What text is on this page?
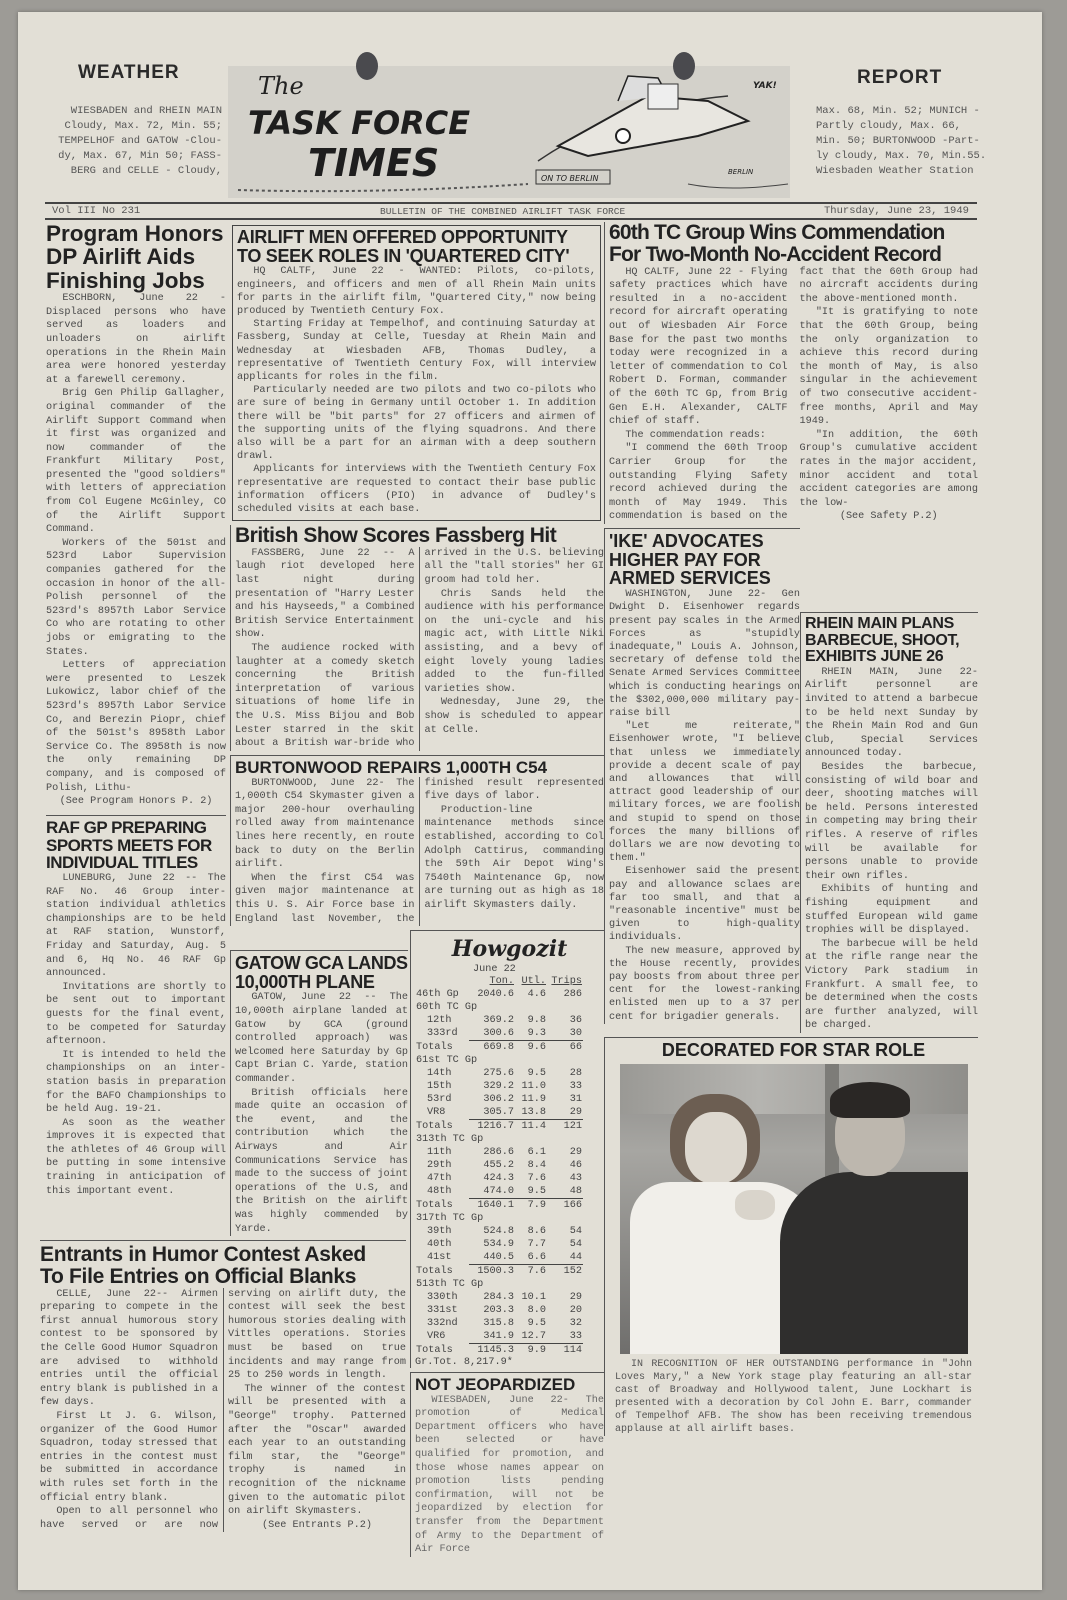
WEATHER	REPORT
WIESBADEN and RHEIN MAIN
Cloudy, Max. 72, Min. 55;
TEMPELHOF and GATOW -Clou-
dy, Max. 67, Min 50; FASS-
BERG and CELLE - Cloudy,
Max. 68, Min. 52; MUNICH -
Partly cloudy, Max. 66,
Min. 50; BURTONWOOD -Part-
ly cloudy, Max. 70, Min.55.
Wiesbaden Weather Station
ON TO BERLIN
YAK!
BERLIN
The
TASK FORCE
TIMES
Vol III No 231	BULLETIN OF THE COMBINED AIRLIFT TASK FORCE	Thursday, June 23, 1949
Program Honors
DP Airlift Aids
Finishing Jobs

ESCHBORN, June 22 - Displaced persons who have served as loaders and unloaders on airlift operations in the Rhein Main area were honored yesterday at a farewell ceremony.

Brig Gen Philip Gallagher, original commander of the Airlift Support Command when it first was organized and now commander of the Frankfurt Military Post, presented the "good soldiers" with letters of appreciation from Col Eugene McGinley, CO of the Airlift Support Command.

Workers of the 501st and 523rd Labor Supervision companies gathered for the occasion in honor of the all-Polish personnel of the 523rd's 8957th Labor Service Co who are rotating to other jobs or emigrating to the States.

Letters of appreciation were presented to Leszek Lukowicz, labor chief of the 523rd's 8957th Labor Service Co, and Berezin Piopr, chief of the 501st's 8958th Labor Service Co. The 8958th is now the only remaining DP company, and is composed of Polish, Lithu-

(See Program Honors P. 2)

RAF GP PREPARING
SPORTS MEETS FOR
INDIVIDUAL TITLES

LUNEBURG, June 22 -- The RAF No. 46 Group inter-station individual athletics championships are to be held at RAF station, Wunstorf, Friday and Saturday, Aug. 5 and 6, Hq No. 46 RAF Gp announced.

Invitations are shortly to be sent out to important guests for the final event, to be competed for Saturday afternoon.

It is intended to held the championships on an inter-station basis in preparation for the BAFO Championships to be held Aug. 19-21.

As soon as the weather improves it is expected that the athletes of 46 Group will be putting in some intensive training in anticipation of this important event.

Entrants in Humor Contest Asked
To File Entries on Official Blanks

CELLE, June 22-- Airmen preparing to compete in the first annual humorous story contest to be sponsored by the Celle Good Humor Squadron are advised to withhold entries until the official entry blank is published in a few days.

First Lt J. G. Wilson, organizer of the Good Humor Squadron, today stressed that entries in the contest must be submitted in accordance with rules set forth in the official entry blank.

Open to all personnel who have served or are now serving on airlift duty, the contest will seek the best humorous stories dealing with Vittles operations. Stories must be based on true incidents and may range from 25 to 250 words in length.

The winner of the contest will be presented with a "George" trophy. Patterned after the "Oscar" awarded each year to an outstanding film star, the "George" trophy is named in recognition of the nickname given to the automatic pilot on airlift Skymasters.

(See Entrants P.2)

AIRLIFT MEN OFFERED OPPORTUNITY
TO SEEK ROLES IN 'QUARTERED CITY'

HQ CALTF, June 22 - WANTED: Pilots, co-pilots, engineers, and officers and men of all Rhein Main units for parts in the airlift film, "Quartered City," now being produced by Twentieth Century Fox.

Starting Friday at Tempelhof, and continuing Saturday at Fassberg, Sunday at Celle, Tuesday at Rhein Main and Wednesday at Wiesbaden AFB, Thomas Dudley, a representative of Twentieth Century Fox, will interview applicants for roles in the film.

Particularly needed are two pilots and two co-pilots who are sure of being in Germany until October 1. In addition there will be "bit parts" for 27 officers and airmen of the supporting units of the flying squadrons. And there also will be a part for an airman with a deep southern drawl.

Applicants for interviews with the Twentieth Century Fox representative are requested to contact their base public information officers (PIO) in advance of Dudley's scheduled visits at each base.

British Show Scores Fassberg Hit

FASSBERG, June 22 -- A laugh riot developed here last night during presentation of "Harry Lester and his Hayseeds," a Combined British Service Entertainment show.

The audience rocked with laughter at a comedy sketch concerning the British interpretation of various situations of home life in the U.S. Miss Bijou and Bob Lester starred in the skit about a British war-bride who arrived in the U.S. believing all the "tall stories" her GI groom had told her.

Chris Sands held the audience with his performance on the uni-cycle and his magic act, with Little Niki assisting, and a bevy of eight lovely young ladies added to the fun-filled varieties show.

Wednesday, June 29, the show is scheduled to appear at Celle.

BURTONWOOD REPAIRS 1,000TH C54

BURTONWOOD, June 22- The 1,000th C54 Skymaster given a major 200-hour overhauling rolled away from maintenance lines here recently, en route back to duty on the Berlin airlift.

When the first C54 was given major maintenance at this U. S. Air Force base in England last November, the finished result represented five days of labor.

Production-line maintenance methods since established, according to Col Adolph Cattirus, commanding the 59th Air Depot Wing's 7540th Maintenance Gp, now are turning out as high as 18 airlift Skymasters daily.

GATOW GCA LANDS
10,000TH PLANE

GATOW, June 22 -- The 10,000th airplane landed at Gatow by GCA (ground controlled approach) was welcomed here Saturday by Gp Capt Brian C. Yarde, station commander.

British officials here made quite an occasion of the event, and the contribution which the Airways and Air Communications Service has made to the success of joint operations of the U.S, and the British on the airlift was highly commended by Yarde.

Howgozit
June 22
	Ton.	Utl.	Trips
46th Gp	2040.6	4.6	286
60th TC Gp			
12th	369.2	9.8	36
333rd	300.6	9.3	30
Totals	669.8	9.6	66
61st TC Gp			
14th	275.6	9.5	28
15th	329.2	11.0	33
53rd	306.2	11.9	31
VR8	305.7	13.8	29
Totals	1216.7	11.4	121
313th TC Gp			
11th	286.6	6.1	29
29th	455.2	8.4	46
47th	424.3	7.6	43
48th	474.0	9.5	48
Totals	1640.1	7.9	166
317th TC Gp			
39th	524.8	8.6	54
40th	534.9	7.7	54
41st	440.5	6.6	44
Totals	1500.3	7.6	152
513th TC Gp			
330th	284.3	10.1	29
331st	203.3	8.0	20
332nd	315.8	9.5	32
VR6	341.9	12.7	33
Totals	1145.3	9.9	114
Gr.Tot. 8,217.9*
NOT JEOPARDIZED

WIESBADEN, June 22- The promotion of Medical Department officers who have been selected or have qualified for promotion, and those whose names appear on promotion lists pending confirmation, will not be jeopardized by election for transfer from the Department of Army to the Department of Air Force

60th TC Group Wins Commendation
For Two-Month No-Accident Record

HQ CALTF, June 22 - Flying safety practices which have resulted in a no-accident record for aircraft operating out of Wiesbaden Air Force Base for the past two months today were recognized in a letter of commendation to Col Robert D. Forman, commander of the 60th TC Gp, from Brig Gen E.H. Alexander, CALTF chief of staff.

The commendation reads:

"I commend the 60th Troop Carrier Group for the outstanding Flying Safety record achieved during the month of May 1949. This commendation is based on the fact that the 60th Group had no aircraft accidents during the above-mentioned month.

"It is gratifying to note that the 60th Group, being the only organization to achieve this record during the month of May, is also singular in the achievement of two consecutive accident-free months, April and May 1949.

"In addition, the 60th Group's cumulative accident rates in the major accident, minor accident and total accident categories are among the low-

(See Safety P.2)

'IKE' ADVOCATES
HIGHER PAY FOR
ARMED SERVICES

WASHINGTON, June 22- Gen Dwight D. Eisenhower regards present pay scales in the Armed Forces as "stupidly inadequate," Louis A. Johnson, secretary of defense told the Senate Armed Services Committee which is conducting hearings on the $302,000,000 military pay-raise bill

"Let me reiterate," Eisenhower wrote, "I believe that unless we immediately provide a decent scale of pay and allowances that will attract good leadership of our military forces, we are foolish and stupid to spend on those forces the many billions of dollars we are now devoting to them."

Eisenhower said the present pay and allowance sclaes are far too small, and that a "reasonable incentive" must be given to high-quality individuals.

The new measure, approved by the House recently, provides pay boosts from about three per cent for the lowest-ranking enlisted men up to a 37 per cent for brigadier generals.

RHEIN MAIN PLANS
BARBECUE, SHOOT,
EXHIBITS JUNE 26

RHEIN MAIN, June 22-Airlift personnel are invited to attend a barbecue to be held next Sunday by the Rhein Main Rod and Gun Club, Special Services announced today.

Besides the barbecue, consisting of wild boar and deer, shooting matches will be held. Persons interested in competing may bring their rifles. A reserve of rifles will be available for persons unable to provide their own rifles.

Exhibits of hunting and fishing equipment and stuffed European wild game trophies will be displayed.

The barbecue will be held at the rifle range near the Victory Park stadium in Frankfurt. A small fee, to be determined when the costs are further analyzed, will be charged.

DECORATED FOR STAR ROLE

IN RECOGNITION OF HER OUTSTANDING performance in "John Loves Mary," a New York stage play featuring an all-star cast of Broadway and Hollywood talent, June Lockhart is presented with a decoration by Col John E. Barr, commander of Tempelhof AFB. The show has been receiving tremendous applause at all airlift bases.
